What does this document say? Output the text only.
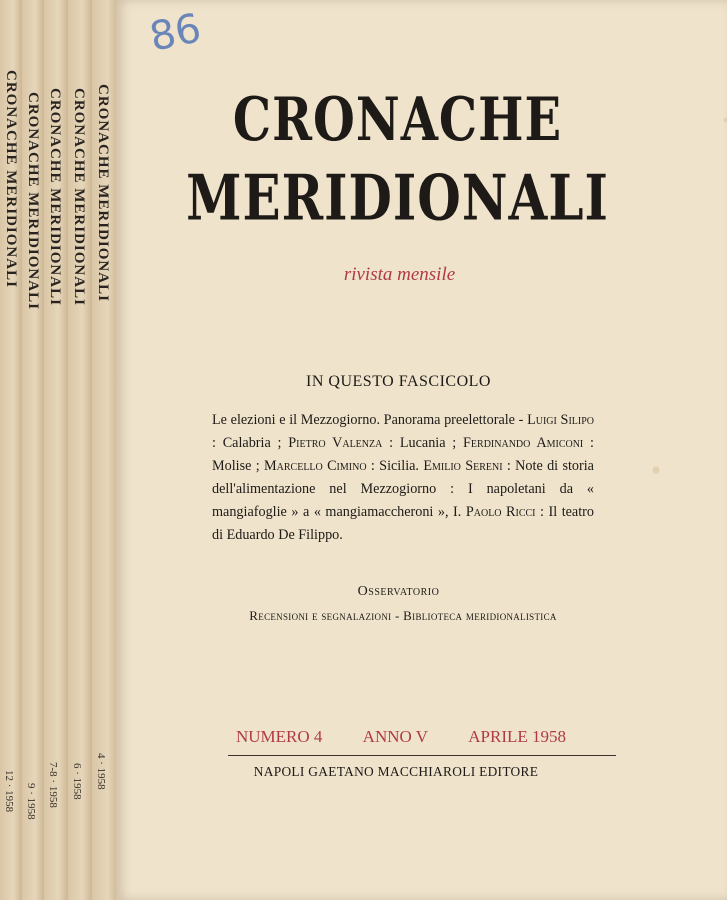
CRONACHE MERIDIONALI
12 · 1958
CRONACHE MERIDIONALI
9 · 1958
CRONACHE MERIDIONALI
7-8 · 1958
CRONACHE MERIDIONALI
6 · 1958
CRONACHE MERIDIONALI
4 · 1958
86
CRONACHE
MERIDIONALI
rivista mensile
IN QUESTO FASCICOLO
Le elezioni e il Mezzogiorno. Panorama preelettorale - Luigi Silipo : Calabria ; Pietro Valenza : Lucania ; Ferdinando Amiconi : Molise ; Marcello Cimino : Sicilia. Emilio Sereni : Note di storia dell'alimentazione nel Mezzogiorno : I napoletani da « mangiafoglie » a « mangiamaccheroni », I. Paolo Ricci : Il teatro di Eduardo De Filippo.
Osservatorio
Recensioni e segnalazioni - Biblioteca meridionalistica
NUMERO 4 ANNO V APRILE 1958
NAPOLI GAETANO MACCHIAROLI EDITORE
